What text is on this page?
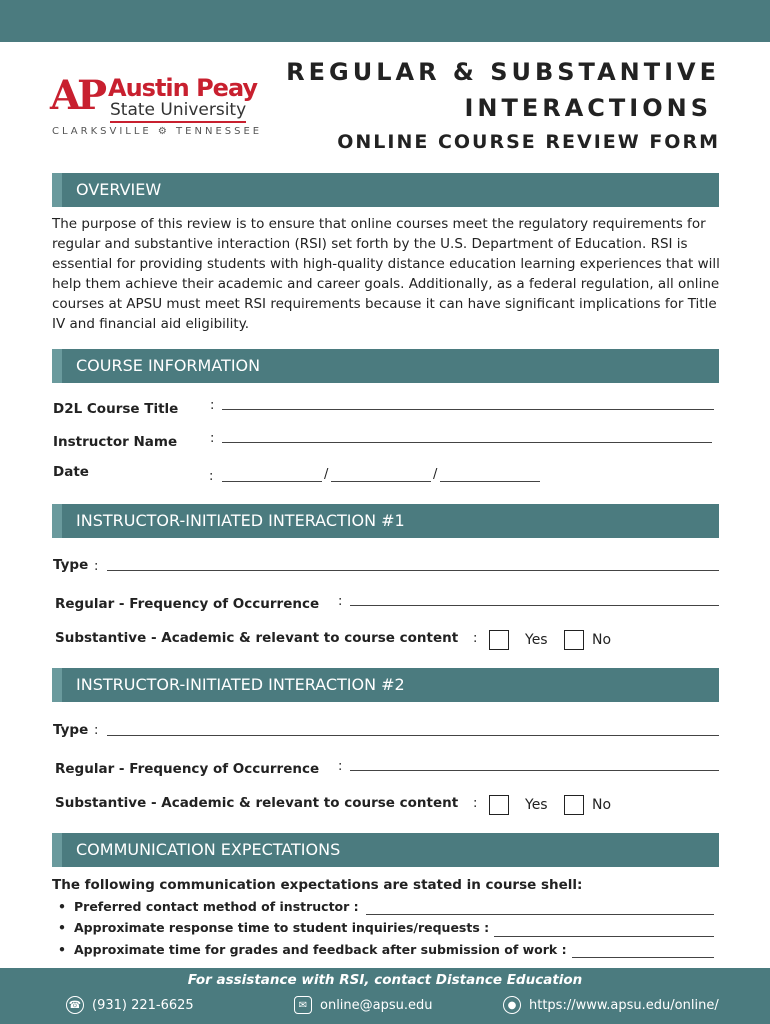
AP Austin Peay
State University
CLARKSVILLE ⚙ TENNESSEE
REGULAR & SUBSTANTIVE
INTERACTIONS
ONLINE COURSE REVIEW FORM
OVERVIEW
The purpose of this review is to ensure that online courses meet the regulatory requirements for regular and substantive interaction (RSI) set forth by the U.S. Department of Education. RSI is essential for providing students with high-quality distance education learning experiences that will help them achieve their academic and career goals. Additionally, as a federal regulation, all online courses at APSU must meet RSI requirements because it can have significant implications for Title IV and financial aid eligibility.
COURSE INFORMATION
D2L Course Title :
Instructor Name	:
Date	:	/	/
INSTRUCTOR-INITIATED INTERACTION #1
Type :
Regular - Frequency of Occurrence :
Substantive - Academic & relevant to course content :	Yes	No
INSTRUCTOR-INITIATED INTERACTION #2
Type :
Regular - Frequency of Occurrence :
Substantive - Academic & relevant to course content :	Yes	No
COMMUNICATION EXPECTATIONS
The following communication expectations are stated in course shell:
• Preferred contact method of instructor :
• Approximate response time to student inquiries/requests :
• Approximate time for grades and feedback after submission of work :
For assistance with RSI, contact Distance Education
☎ (931) 221-6625	✉ online@apsu.edu	● https://www.apsu.edu/online/
